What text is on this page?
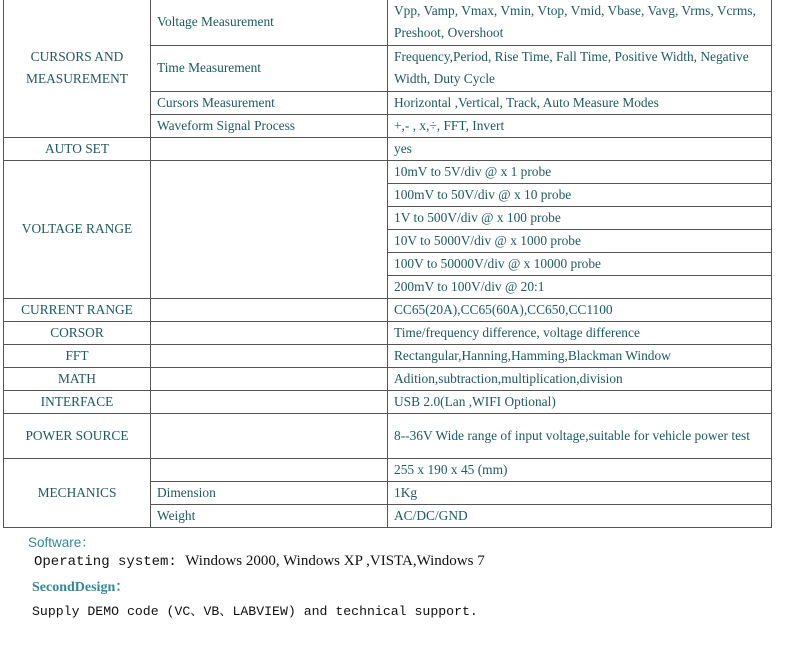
CURSORS AND MEASUREMENT	Voltage Measurement	Vpp, Vamp, Vmax, Vmin, Vtop, Vmid, Vbase, Vavg, Vrms, Vcrms, Preshoot, Overshoot
	Time Measurement	Frequency,Period, Rise Time, Fall Time, Positive Width, Negative Width, Duty Cycle
	Cursors Measurement	Horizontal ,Vertical, Track, Auto Measure Modes
	Waveform Signal Process	+,- , x,÷, FFT, Invert
AUTO SET		yes
VOLTAGE RANGE		10mV to 5V/div @ x 1 probe
		100mV to 50V/div @ x 10 probe
		1V to 500V/div @ x 100 probe
		10V to 5000V/div @ x 1000 probe
		100V to 50000V/div @ x 10000 probe
		200mV to 100V/div @ 20:1
CURRENT RANGE		CC65(20A),CC65(60A),CC650,CC1100
CORSOR		Time/frequency difference, voltage difference
FFT		Rectangular,Hanning,Hamming,Blackman Window
MATH		Adition,subtraction,multiplication,division
INTERFACE		USB 2.0(Lan ,WIFI Optional)
POWER SOURCE		8--36V Wide range of input voltage,suitable for vehicle power test
MECHANICS		255 x 190 x 45 (mm)
	Dimension	1Kg
	Weight	AC/DC/GND
Software：
Operating system: Windows 2000, Windows XP ,VISTA,Windows 7
SecondDesign：
Supply DEMO code (VC、VB、LABVIEW) and technical support.
